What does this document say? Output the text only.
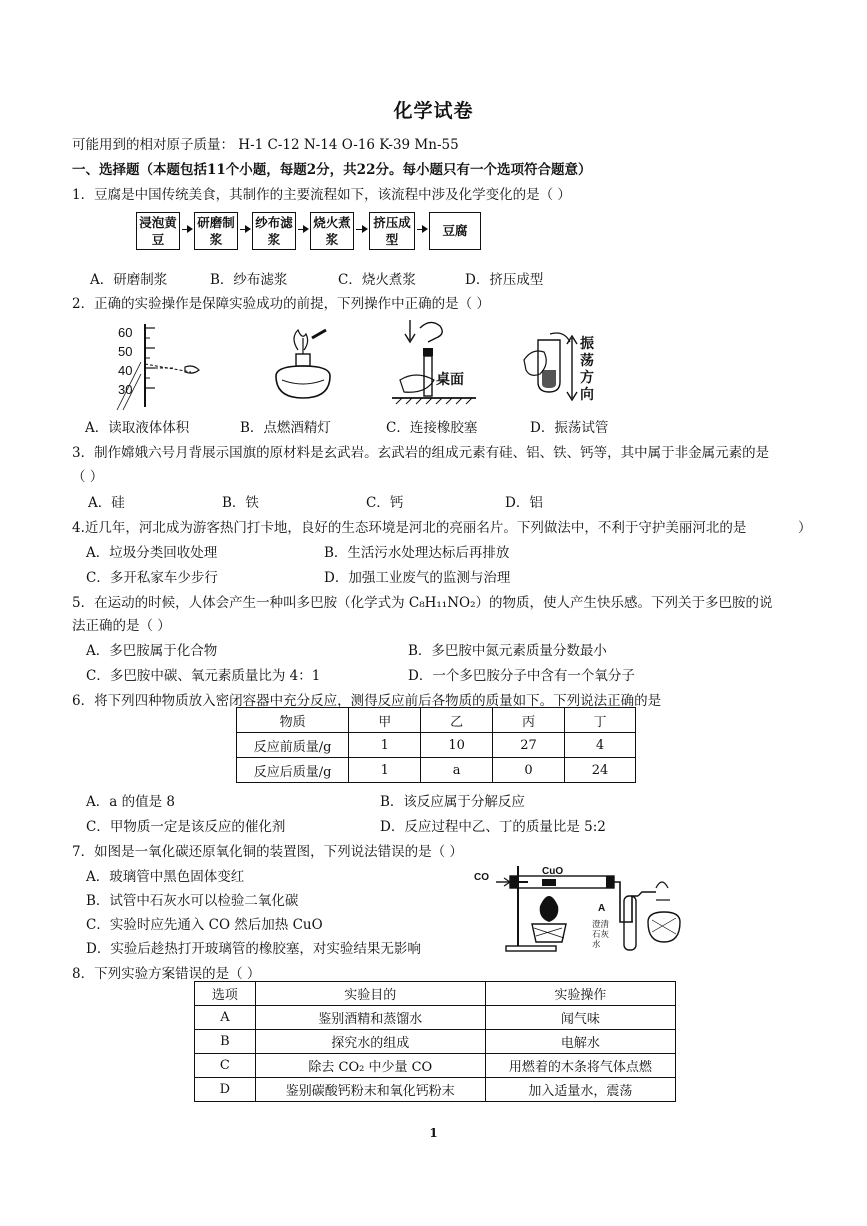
化学试卷
可能用到的相对原子质量： H-1 C-12 N-14 O-16 K-39 Mn-55
一、选择题（本题包括11个小题，每题2分，共22分。每小题只有一个选项符合题意）
1．豆腐是中国传统美食，其制作的主要流程如下，该流程中涉及化学变化的是（ ）
浸泡黄豆
研磨制浆
纱布滤浆
烧火煮浆
挤压成型
豆腐
A．研磨制浆	B．纱布滤浆	C．烧火煮浆	D．挤压成型
2．正确的实验操作是保障实验成功的前提，下列操作中正确的是（ ）
60
50
40
30
桌面
振荡方向
A．读取液体体积	B．点燃酒精灯	C．连接橡胶塞	D．振荡试管
3．制作嫦娥六号月背展示国旗的原材料是玄武岩。玄武岩的组成元素有硅、铝、铁、钙等，其中属于非金属元素的是
（ ）
A．硅	B．铁	C．钙	D．铝
4.近几年，河北成为游客热门打卡地，良好的生态环境是河北的亮丽名片。下列做法中，不利于守护美丽河北的是	）
A．垃圾分类回收处理	B．生活污水处理达标后再排放
C．多开私家车少步行	D．加强工业废气的监测与治理
5．在运动的时候，人体会产生一种叫多巴胺（化学式为 C₈H₁₁NO₂）的物质，使人产生快乐感。下列关于多巴胺的说
法正确的是（ ）
A．多巴胺属于化合物	B．多巴胺中氮元素质量分数最小
C．多巴胺中碳、氧元素质量比为 4：1	D．一个多巴胺分子中含有一个氧分子
6．将下列四种物质放入密闭容器中充分反应，测得反应前后各物质的质量如下。下列说法正确的是
物质	甲	乙	丙	丁
反应前质量/g	1	10	27	4
反应后质量/g	1	a	0	24
A．a 的值是 8	B．该反应属于分解反应
C．甲物质一定是该反应的催化剂	D．反应过程中乙、丁的质量比是 5:2
7．如图是一氧化碳还原氧化铜的装置图，下列说法错误的是（ ）
A．玻璃管中黑色固体变红
B．试管中石灰水可以检验二氧化碳
C．实验时应先通入 CO 然后加热 CuO
D．实验后趁热打开玻璃管的橡胶塞，对实验结果无影响
CO
CuO
A
澄清石灰水
8．下列实验方案错误的是（ ）
选项	实验目的	实验操作
A	鉴别酒精和蒸馏水	闻气味
B	探究水的组成	电解水
C	除去 CO₂ 中少量 CO	用燃着的木条将气体点燃
D	鉴别碳酸钙粉末和氧化钙粉末	加入适量水，震荡
1
